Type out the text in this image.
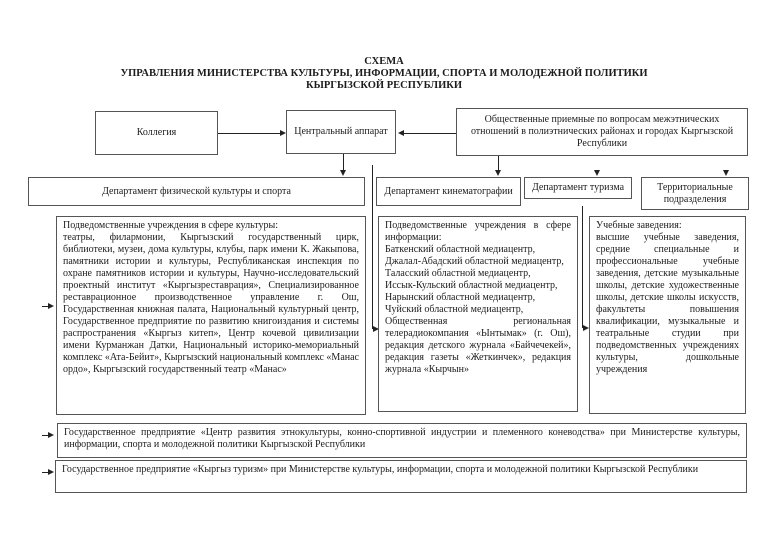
СХЕМА
УПРАВЛЕНИЯ МИНИСТЕРСТВА КУЛЬТУРЫ, ИНФОРМАЦИИ, СПОРТА И МОЛОДЕЖНОЙ ПОЛИТИКИ
КЫРГЫЗСКОЙ РЕСПУБЛИКИ
Коллегия	Центральный аппарат
Общественные приемные по вопросам межэтнических отношений в полиэтнических районах и городах Кыргызской Республики
Департамент физической культуры и спорта	Департамент кинематографии	Департамент туризма	Территориальные подразделения
Подведомственные учреждения в сфере культуры:
театры, филармонии, Кыргызский государственный цирк, библиотеки, музеи, дома культуры, клубы, парк имени К. Жакыпова, памятники истории и культуры, Республиканская инспекция по охране памятников истории и культуры, Научно-исследовательский проектный институт «Кыргызреставрация», Специализированное реставрационное производственное управление г. Ош, Государственная книжная палата, Национальный культурный центр, Государственное предприятие по развитию книгоиздания и системы распространения «Кыргыз китеп», Центр кочевой цивилизации имени Курманжан Датки, Национальный историко-мемориальный комплекс «Ата-Бейит», Кыргызский национальный комплекс «Манас ордо», Кыргызский государственный театр «Манас»
Подведомственные учреждения в сфере информации:
Баткенский областной медиацентр,
Джалал-Абадский областной медиацентр,
Таласский областной медиацентр,
Иссык-Кульский областной медиацентр,
Нарынский областной медиацентр,
Чуйский областной медиацентр,
Общественная региональная телерадиокомпания «Ынтымак» (г. Ош), редакция детского журнала «Байчечекей», редакция газеты «Жеткинчек», редакция журнала «Кырчын»
Учебные заведения:
высшие учебные заведения, средние специальные и профессиональные учебные заведения, детские музыкальные школы, детские художественные школы, детские школы искусств, факультеты повышения квалификации, музыкальные и театральные студии при подведомственных учреждениях культуры, дошкольные учреждения
Государственное предприятие «Центр развития этнокультуры, конно-спортивной индустрии и племенного коневодства» при Министерстве культуры, информации, спорта и молодежной политики Кыргызской Республики
Государственное предприятие «Кыргыз туризм» при Министерстве культуры, информации, спорта и молодежной политики Кыргызской Республики
